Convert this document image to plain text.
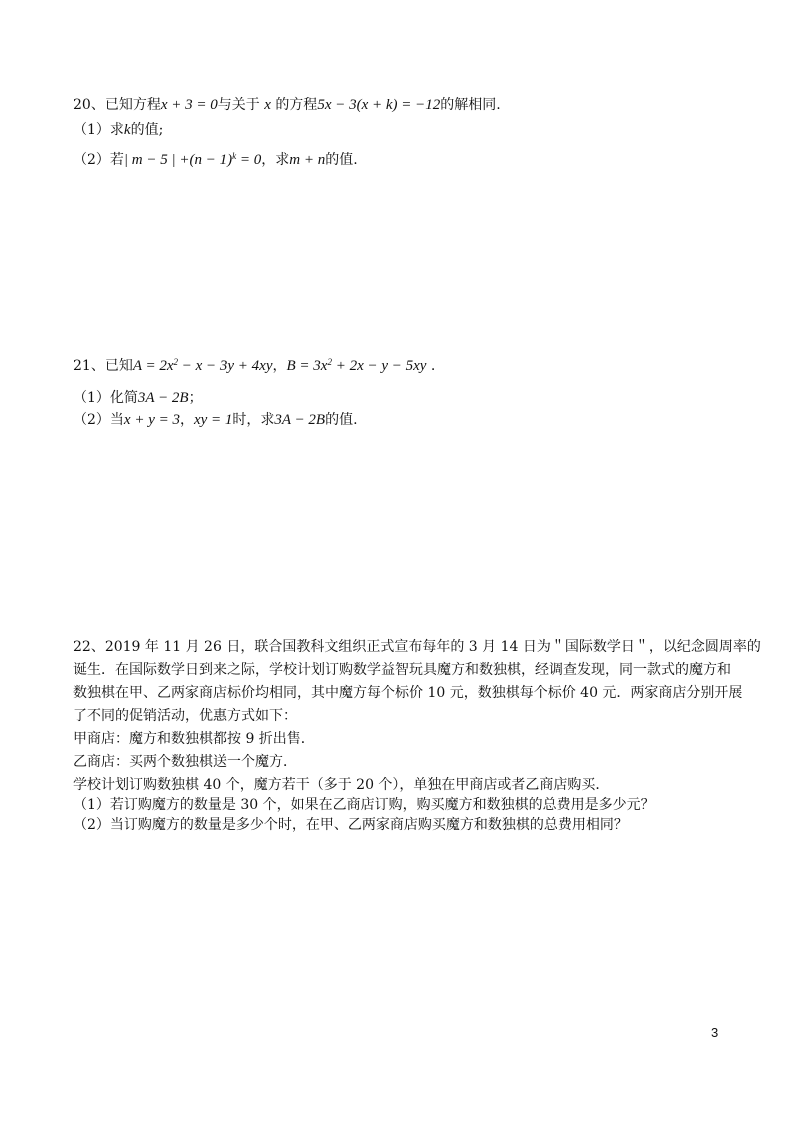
20、已知方程x + 3 = 0与关于 x 的方程5x − 3(x + k) = −12的解相同.
（1）求k的值;
（2）若| m − 5 | $+(n - 1)^k = 0$，求m + n的值.
21、已知$A = 2x^2 - x - 3y + 4xy$，$B = 3x^2 + 2x - y - 5xy$ .
（1）化简3A − 2B；
（2）当x + y = 3，xy = 1时，求3A − 2B的值.
22、2019 年 11 月 26 日，联合国教科文组织正式宣布每年的 3 月 14 日为＂国际数学日＂，以纪念圆周率的
诞生．在国际数学日到来之际，学校计划订购数学益智玩具魔方和数独棋，经调查发现，同一款式的魔方和
数独棋在甲、乙两家商店标价均相同，其中魔方每个标价 10 元，数独棋每个标价 40 元．两家商店分别开展
了不同的促销活动，优惠方式如下：
甲商店：魔方和数独棋都按 9 折出售．
乙商店：买两个数独棋送一个魔方．
学校计划订购数独棋 40 个，魔方若干（多于 20 个），单独在甲商店或者乙商店购买．
（1）若订购魔方的数量是 30 个，如果在乙商店订购，购买魔方和数独棋的总费用是多少元？
（2）当订购魔方的数量是多少个时，在甲、乙两家商店购买魔方和数独棋的总费用相同？
3
